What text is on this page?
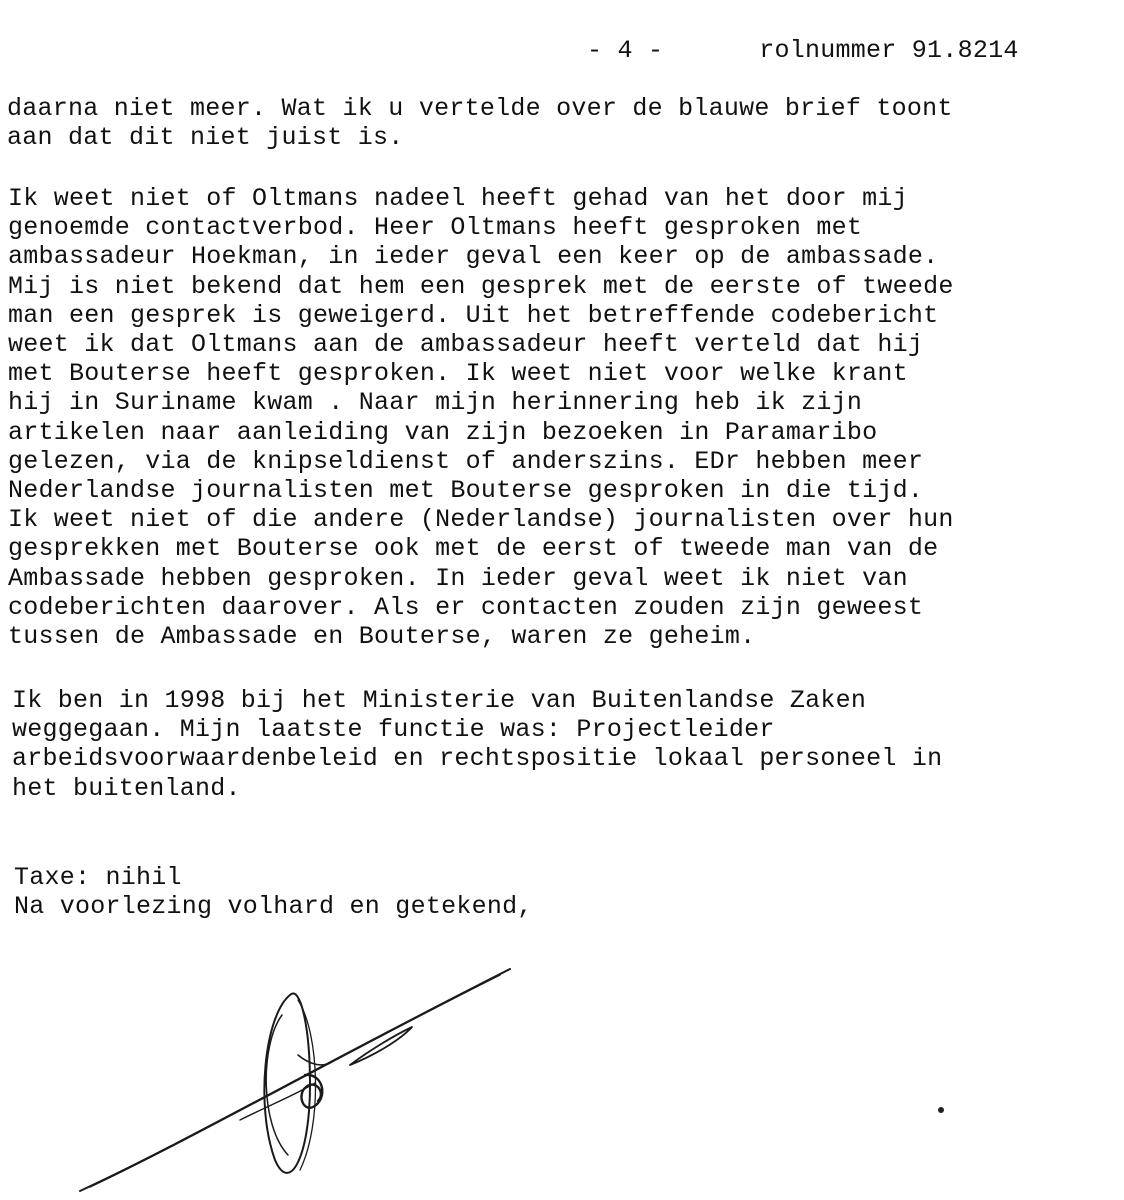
- 4 -	rolnummer 91.8214

daarna niet meer. Wat ik u vertelde over de blauwe brief toont
aan dat dit niet juist is.
Ik weet niet of Oltmans nadeel heeft gehad van het door mij
genoemde contactverbod. Heer Oltmans heeft gesproken met
ambassadeur Hoekman, in ieder geval een keer op de ambassade.
Mij is niet bekend dat hem een gesprek met de eerste of tweede
man een gesprek is geweigerd. Uit het betreffende codebericht
weet ik dat Oltmans aan de ambassadeur heeft verteld dat hij
met Bouterse heeft gesproken. Ik weet niet voor welke krant
hij in Suriname kwam . Naar mijn herinnering heb ik zijn
artikelen naar aanleiding van zijn bezoeken in Paramaribo
gelezen, via de knipseldienst of anderszins. EDr hebben meer
Nederlandse journalisten met Bouterse gesproken in die tijd.
Ik weet niet of die andere (Nederlandse) journalisten over hun
gesprekken met Bouterse ook met de eerst of tweede man van de
Ambassade hebben gesproken. In ieder geval weet ik niet van
codeberichten daarover. Als er contacten zouden zijn geweest
tussen de Ambassade en Bouterse, waren ze geheim.
Ik ben in 1998 bij het Ministerie van Buitenlandse Zaken
weggegaan. Mijn laatste functie was: Projectleider
arbeidsvoorwaardenbeleid en rechtspositie lokaal personeel in
het buitenland.
Taxe: nihil
Na voorlezing volhard en getekend,
